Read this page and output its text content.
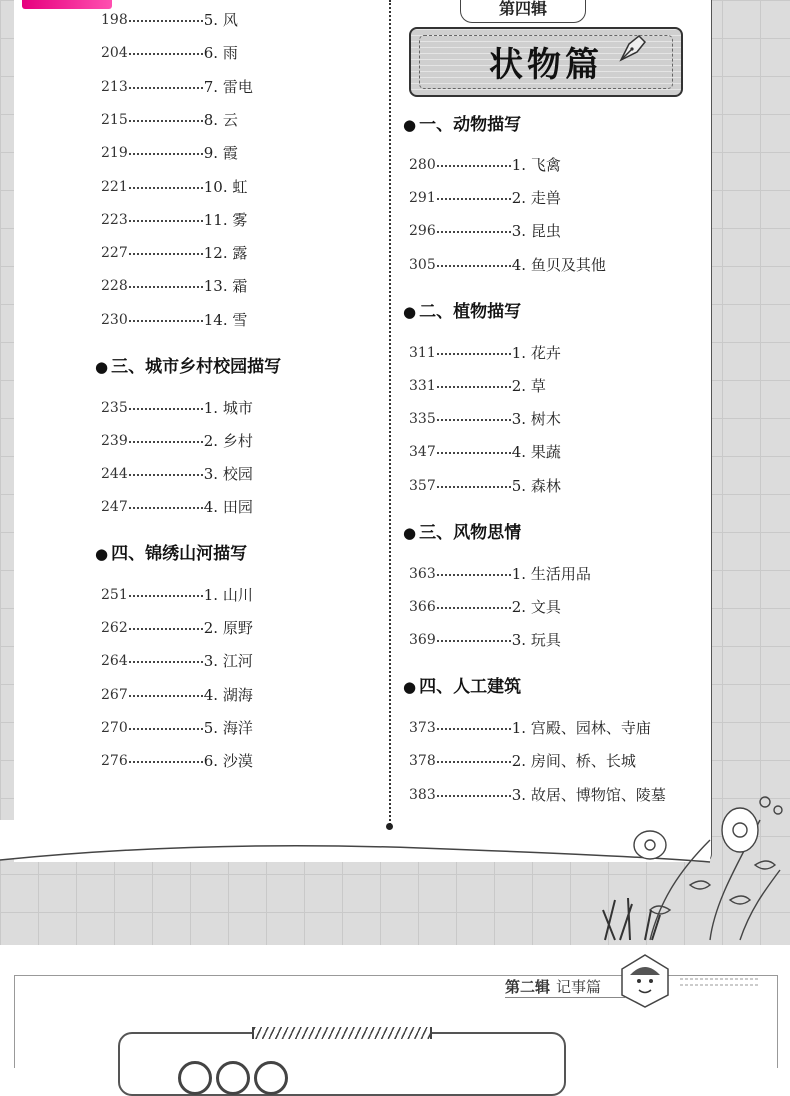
198	5. 风
204	6. 雨
213	7. 雷电
215	8. 云
219	9. 霞
221	10. 虹
223	11. 雾
227	12. 露
228	13. 霜
230	14. 雪
● 三、城市乡村校园描写
235	1. 城市
239	2. 乡村
244	3. 校园
247	4. 田园
● 四、锦绣山河描写
251	1. 山川
262	2. 原野
264	3. 江河
267	4. 湖海
270	5. 海洋
276	6. 沙漠
第四辑
状物篇
● 一、动物描写
280	1. 飞禽
291	2. 走兽
296	3. 昆虫
305	4. 鱼贝及其他
● 二、植物描写
311	1. 花卉
331	2. 草
335	3. 树木
347	4. 果蔬
357	5. 森林
● 三、风物思情
363	1. 生活用品
366	2. 文具
369	3. 玩具
● 四、人工建筑
373	1. 宫殿、园林、寺庙
378	2. 房间、桥、长城
383	3. 故居、博物馆、陵墓
第二辑 记事篇
